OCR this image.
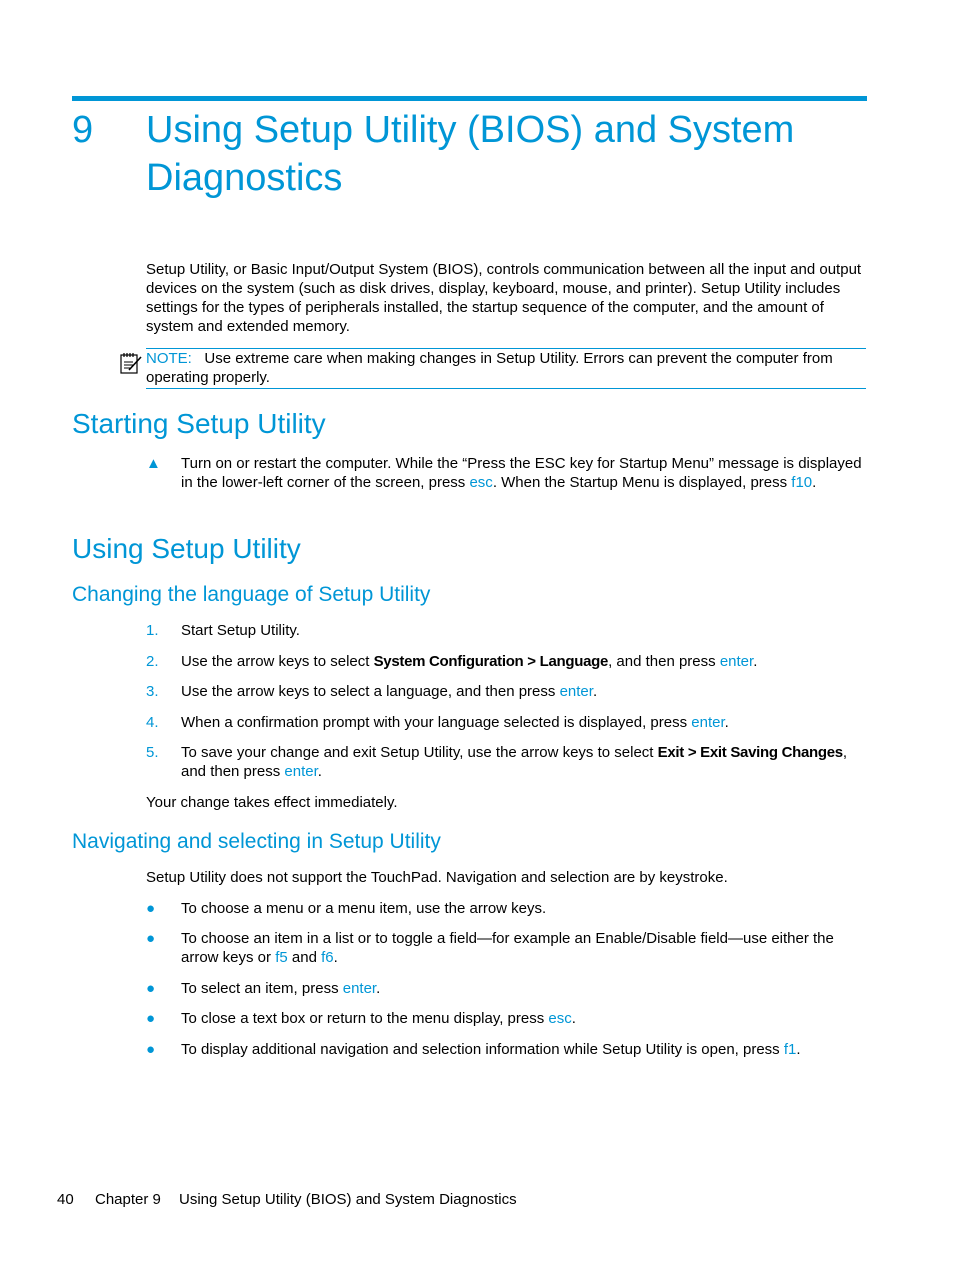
9 Using Setup Utility (BIOS) and System Diagnostics
Setup Utility, or Basic Input/Output System (BIOS), controls communication between all the input and output devices on the system (such as disk drives, display, keyboard, mouse, and printer). Setup Utility includes settings for the types of peripherals installed, the startup sequence of the computer, and the amount of system and extended memory.
NOTE: Use extreme care when making changes in Setup Utility. Errors can prevent the computer from operating properly.
Starting Setup Utility
▲ Turn on or restart the computer. While the “Press the ESC key for Startup Menu” message is displayed in the lower-left corner of the screen, press esc. When the Startup Menu is displayed, press f10.
Using Setup Utility
Changing the language of Setup Utility
1. Start Setup Utility.
2. Use the arrow keys to select System Configuration > Language, and then press enter.
3. Use the arrow keys to select a language, and then press enter.
4. When a confirmation prompt with your language selected is displayed, press enter.
5. To save your change and exit Setup Utility, use the arrow keys to select Exit > Exit Saving Changes, and then press enter.
Your change takes effect immediately.
Navigating and selecting in Setup Utility
Setup Utility does not support the TouchPad. Navigation and selection are by keystroke.
● To choose a menu or a menu item, use the arrow keys.
● To choose an item in a list or to toggle a field—for example an Enable/Disable field—use either the arrow keys or f5 and f6.
● To select an item, press enter.
● To close a text box or return to the menu display, press esc.
● To display additional navigation and selection information while Setup Utility is open, press f1.
40 Chapter 9 Using Setup Utility (BIOS) and System Diagnostics
